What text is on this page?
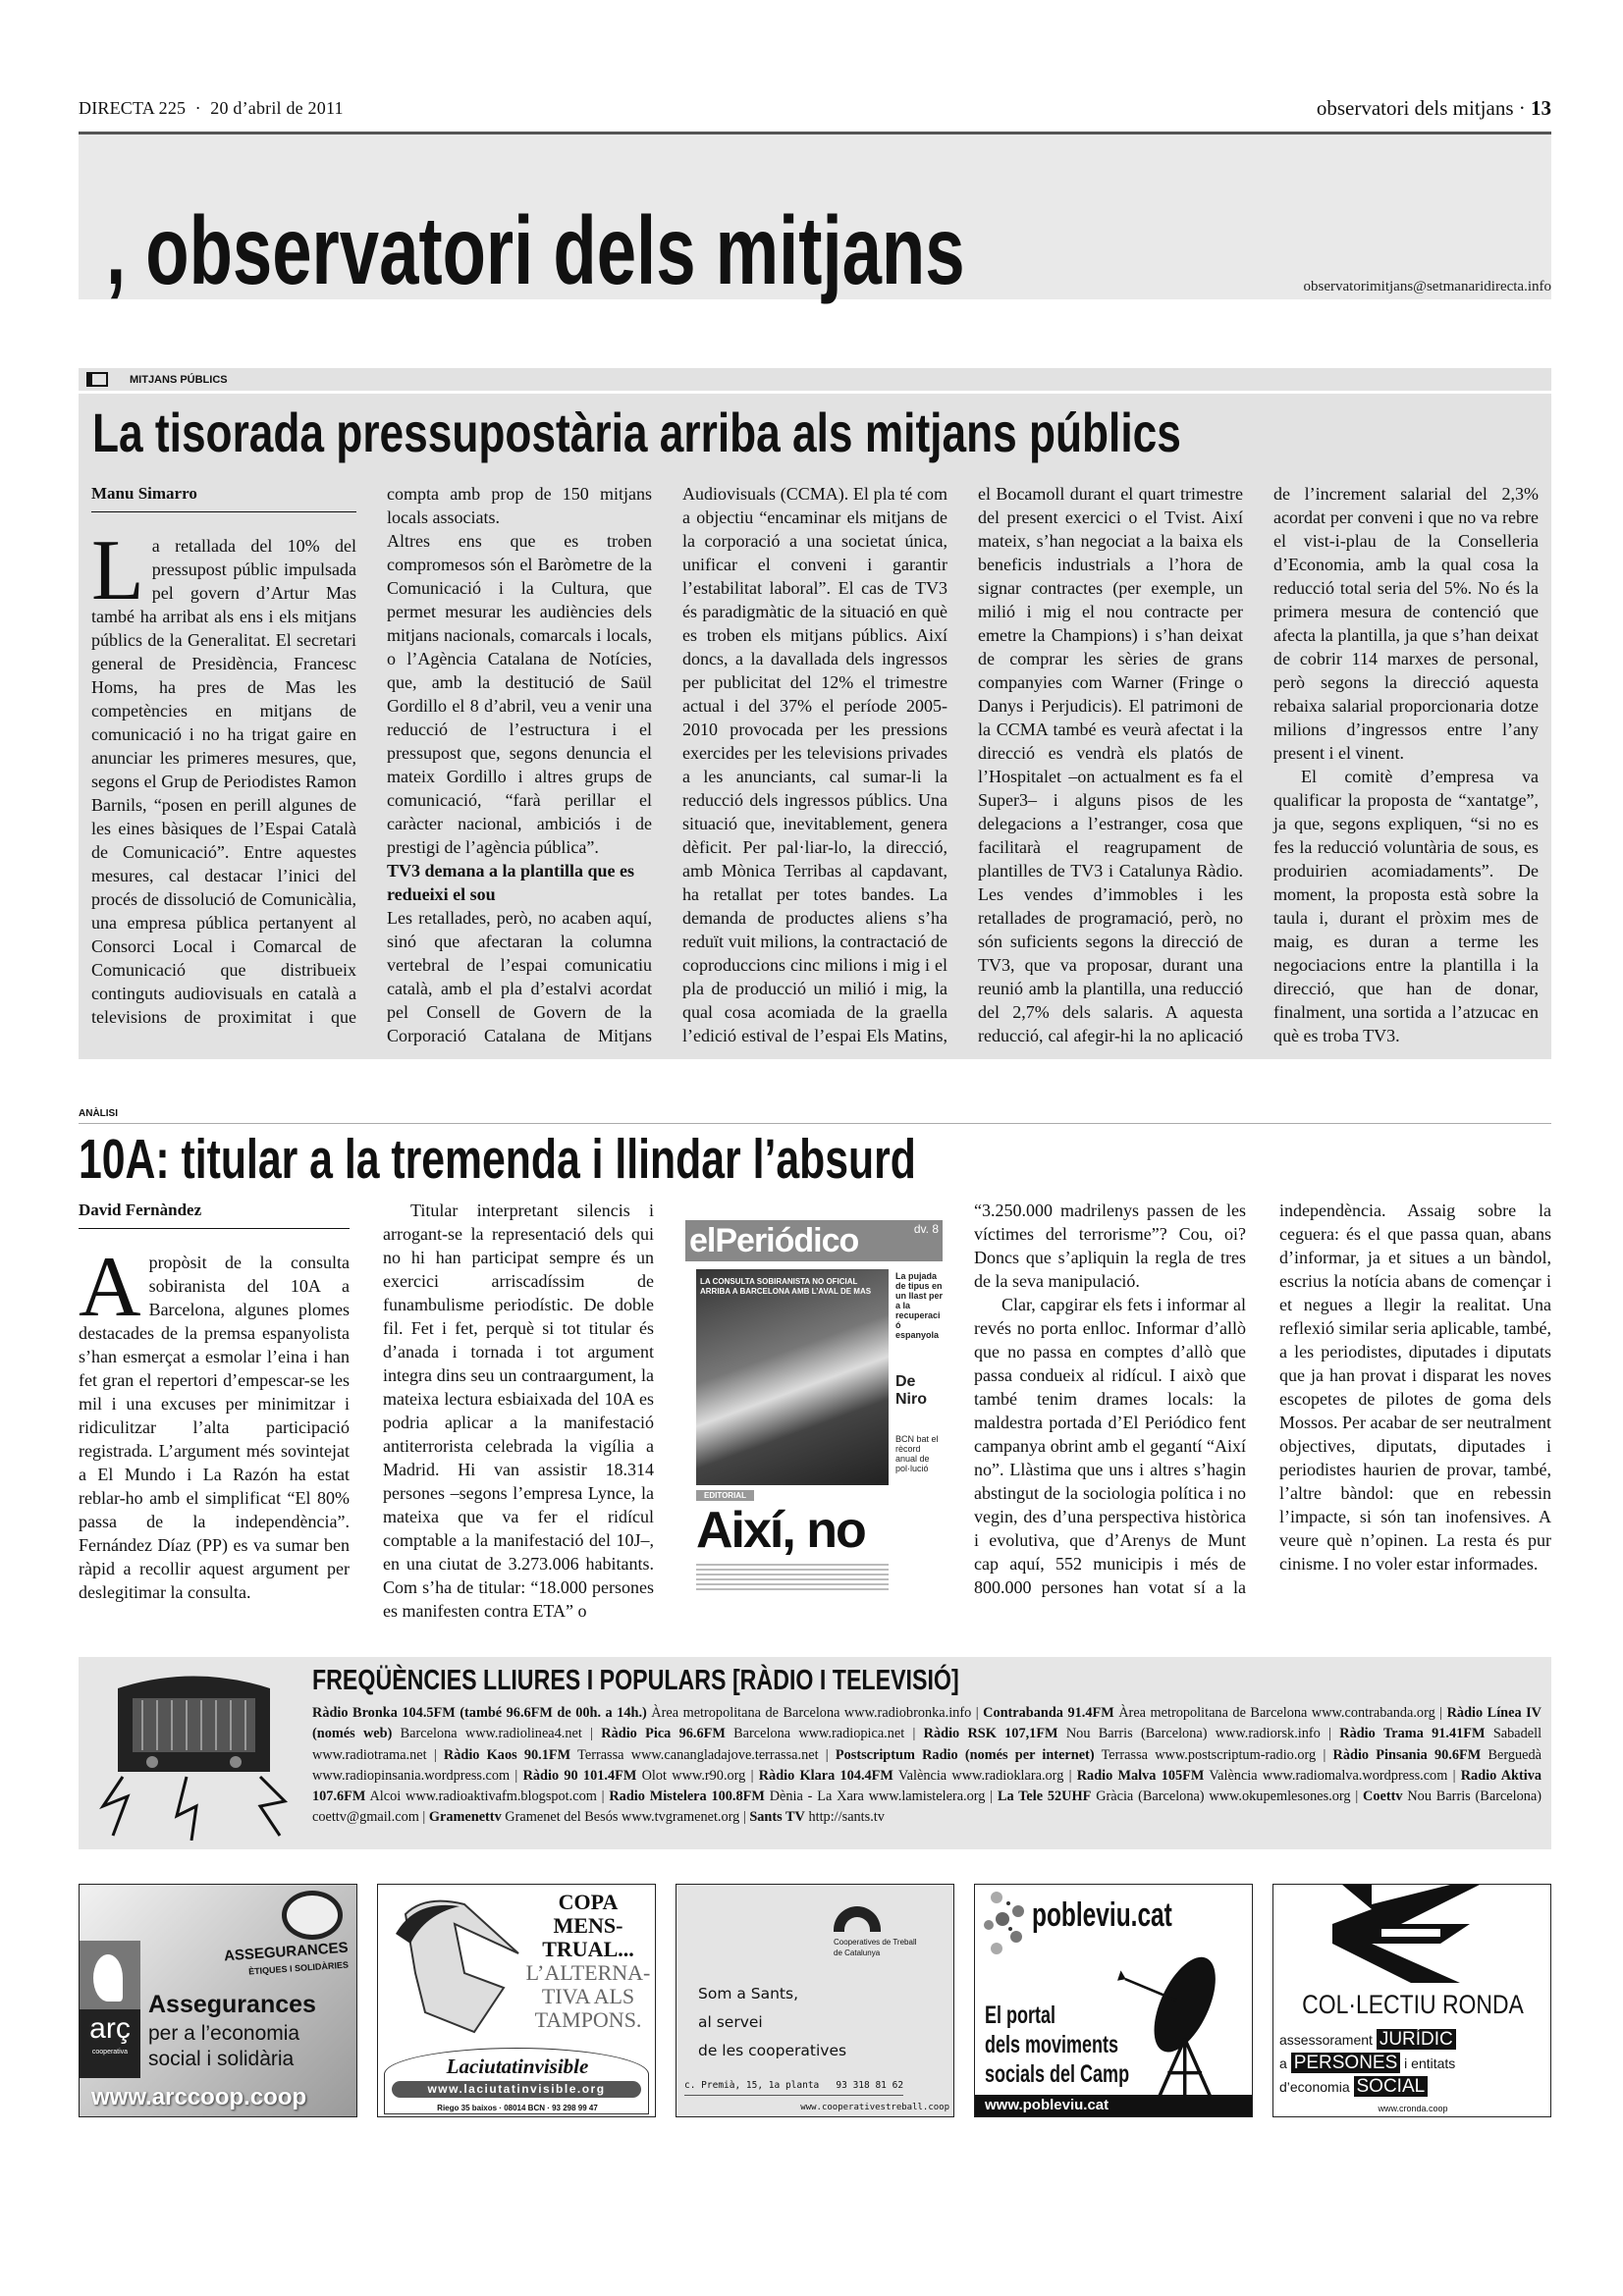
DIRECTA 225 · 20 d’abril de 2011	observatori dels mitjans · 13
, observatori dels mitjans	observatorimitjans@setmanaridirecta.info
MITJANS PÚBLICS
La tisorada pressupostària arriba als mitjans públics
Manu Simarro

La retallada del 10% del pressupost públic impulsada pel govern d’Artur Mas també ha arribat als ens i els mitjans públics de la Generalitat. El secretari general de Presidència, Francesc Homs, ha pres de Mas les competències en mitjans de comunicació i no ha trigat gaire en anunciar les primeres mesures, que, segons el Grup de Periodistes Ramon Barnils, “posen en perill algunes de les eines bàsiques de l’Espai Català de Comunicació”. Entre aquestes mesures, cal destacar l’inici del procés de dissolució de Comunicàlia, una empresa pública pertanyent al Consorci Local i Comarcal de Comunicació que distribueix continguts audiovisuals en català a televisions de proximitat i que compta amb prop de 150 mitjans locals associats.

Altres ens que es troben compromesos són el Baròmetre de la Comunicació i la Cultura, que permet mesurar les audiències dels mitjans nacionals, comarcals i locals, o l’Agència Catalana de Notícies, que, amb la destitució de Saül Gordillo el 8 d’abril, veu a venir una reducció de l’estructura i el pressupost que, segons denuncia el mateix Gordillo i altres grups de comunicació, “farà perillar el caràcter nacional, ambiciós i de prestigi de l’agència pública”.

TV3 demana a la plantilla que es redueixi el sou

Les retallades, però, no acaben aquí, sinó que afectaran la columna vertebral de l’espai comunicatiu català, amb el pla d’estalvi acordat pel Consell de Govern de la Corporació Catalana de Mitjans Audiovisuals (CCMA). El pla té com a objectiu “encaminar els mitjans de la corporació a una societat única, unificar el conveni i garantir l’estabilitat laboral”. El cas de TV3 és paradigmàtic de la situació en què es troben els mitjans públics. Així doncs, a la davallada dels ingressos per publicitat del 12% el trimestre actual i del 37% el període 2005-2010 provocada per les pressions exercides per les televisions privades a les anunciants, cal sumar-li la reducció dels ingressos públics. Una situació que, inevitablement, genera dèficit. Per pal·liar-lo, la direcció, amb Mònica Terribas al capdavant, ha retallat per totes bandes. La demanda de productes aliens s’ha reduït vuit milions, la contractació de coproduccions cinc milions i mig i el pla de producció un milió i mig, la qual cosa acomiada de la graella l’edició estival de l’espai Els Matins, el Bocamoll durant el quart trimestre del present exercici o el Tvist. Així mateix, s’han negociat a la baixa els beneficis industrials a l’hora de signar contractes (per exemple, un milió i mig el nou contracte per emetre la Champions) i s’han deixat de comprar les sèries de grans companyies com Warner (Fringe o Danys i Perjudicis). El patrimoni de la CCMA també es veurà afectat i la direcció es vendrà els platós de l’Hospitalet –on actualment es fa el Super3– i alguns pisos de les delegacions a l’estranger, cosa que facilitarà el reagrupament de plantilles de TV3 i Catalunya Ràdio. Les vendes d’immobles i les retallades de programació, però, no són suficients segons la direcció de TV3, que va proposar, durant una reunió amb la plantilla, una reducció del 2,7% dels salaris. A aquesta reducció, cal afegir-hi la no aplicació de l’increment salarial del 2,3% acordat per conveni i que no va rebre el vist-i-plau de la Conselleria d’Economia, amb la qual cosa la reducció total seria del 5%. No és la primera mesura de contenció que afecta la plantilla, ja que s’han deixat de cobrir 114 marxes de personal, però segons la direcció aquesta rebaixa salarial proporcionaria dotze milions d’ingressos entre l’any present i el vinent.

El comitè d’empresa va qualificar la proposta de “xantatge”, ja que, segons expliquen, “si no es fes la reducció voluntària de sous, es produirien acomiadaments”. De moment, la proposta està sobre la taula i, durant el pròxim mes de maig, es duran a terme les negociacions entre la plantilla i la direcció, que han de donar, finalment, una sortida a l’atzucac en què es troba TV3.

ANÀLISI
10A: titular a la tremenda i llindar l’absurd
David Fernàndez

Apropòsit de la consulta sobiranista del 10A a Barcelona, algunes plomes destacades de la premsa espanyolista s’han esmerçat a esmolar l’eina i han fet gran el repertori d’empescar-se les mil i una excuses per minimitzar i ridiculitzar l’alta participació registrada. L’argument més sovintejat a El Mundo i La Razón ha estat reblar-ho amb el simplificat “El 80% passa de la independència”. Fernández Díaz (PP) es va sumar ben ràpid a recollir aquest argument per deslegitimar la consulta.

Titular interpretant silencis i arrogant-se la representació dels qui no hi han participat sempre és un exercici arriscadíssim de funambulisme periodístic. De doble fil. Fet i fet, perquè si tot titular és d’anada i tornada i tot argument integra dins seu un contraargument, la mateixa lectura esbiaixada del 10A es podria aplicar a la manifestació antiterrorista celebrada la vigília a Madrid. Hi van assistir 18.314 persones –segons l’empresa Lynce, la mateixa que va fer el ridícul comptable a la manifestació del 10J–, en una ciutat de 3.273.006 habitants. Com s’ha de titular: “18.000 persones es manifesten contra ETA” o

elPeriódico	dv. 8
LA CONSULTA SOBIRANISTA NO OFICIAL ARRIBA A BARCELONA AMB L’AVAL DE MAS
La pujada de tipus en un llast per a la recuperació espanyola
De Niro
BCN bat el rècord anual de pol·lució
EDITORIAL
Així, no

“3.250.000 madrilenys passen de les víctimes del terrorisme”? Cou, oi? Doncs que s’apliquin la regla de tres de la seva manipulació.

Clar, capgirar els fets i informar al revés no porta enlloc. Informar d’allò que no passa en comptes d’allò que passa condueix al ridícul. I això que també tenim drames locals: la maldestra portada d’El Periódico fent campanya obrint amb el gegantí “Així no”. Llàstima que uns i altres s’hagin abstingut de la sociologia política i no vegin, des d’una perspectiva històrica i evolutiva, que d’Arenys de Munt cap aquí, 552 municipis i més de 800.000 persones han votat sí a la independència. Assaig sobre la ceguera: és el que passa quan, abans d’informar, ja et situes a un bàndol, escrius la notícia abans de començar i et negues a llegir la realitat. Una reflexió similar seria aplicable, també, a les periodistes, diputades i diputats que ja han provat i disparat les noves escopetes de pilotes de goma dels Mossos. Per acabar de ser neutralment objectives, diputats, diputades i periodistes haurien de provar, també, l’altre bàndol: que en rebessin l’impacte, si són tan inofensives. A veure què n’opinen. La resta és pur cinisme. I no voler estar informades.

FREQÜÈNCIES LLIURES I POPULARS [RÀDIO I TELEVISIÓ]
Ràdio Bronka 104.5FM (també 96.6FM de 00h. a 14h.) Àrea metropolitana de Barcelona www.radiobronka.info | Contrabanda 91.4FM Àrea metropolitana de Barcelona www.contrabanda.org | Ràdio Línea IV (només web) Barcelona www.radiolinea4.net | Ràdio Pica 96.6FM Barcelona www.radiopica.net | Ràdio RSK 107,1FM Nou Barris (Barcelona) www.radiorsk.info | Ràdio Trama 91.41FM Sabadell www.radiotrama.net | Ràdio Kaos 90.1FM Terrassa www.canangladajove.terrassa.net | Postscriptum Radio (només per internet) Terrassa www.postscriptum-radio.org | Ràdio Pinsania 90.6FM Berguedà www.radiopinsania.wordpress.com | Ràdio 90 101.4FM Olot www.r90.org | Ràdio Klara 104.4FM València www.radioklara.org | Radio Malva 105FM València www.radiomalva.wordpress.com | Radio Aktiva 107.6FM Alcoi www.radioaktivafm.blogspot.com | Radio Mistelera 100.8FM Dènia - La Xara www.lamistelera.org | La Tele 52UHF Gràcia (Barcelona) www.okupemlesones.org | Coettv Nou Barris (Barcelona) coettv@gmail.com | Gramenettv Gramenet del Besós www.tvgramenet.org | Sants TV http://sants.tv
ASSEGURANCES
ÈTIQUES I SOLIDÀRIES
arç
cooperativa
Assegurances
per a l’economia
social i solidària
www.arccoop.coop
COPA
MENS-
TRUAL...
L’ALTERNA-
TIVA ALS
TAMPONS.
Laciutatinvisible
www.laciutatinvisible.org
Riego 35 baixos · 08014 BCN · 93 298 99 47
Cooperatives de Treball
de Catalunya
Som a Sants,
al servei
de les cooperatives
c. Premià, 15, 1a planta   93 318 81 62
www.cooperativestreball.coop
pobleviu.cat
El portal
dels moviments
socials del Camp
www.pobleviu.cat
COL·LECTIU RONDA
assessorament JURÍDIC
a PERSONES i entitats
d’economia SOCIAL
www.cronda.coop
